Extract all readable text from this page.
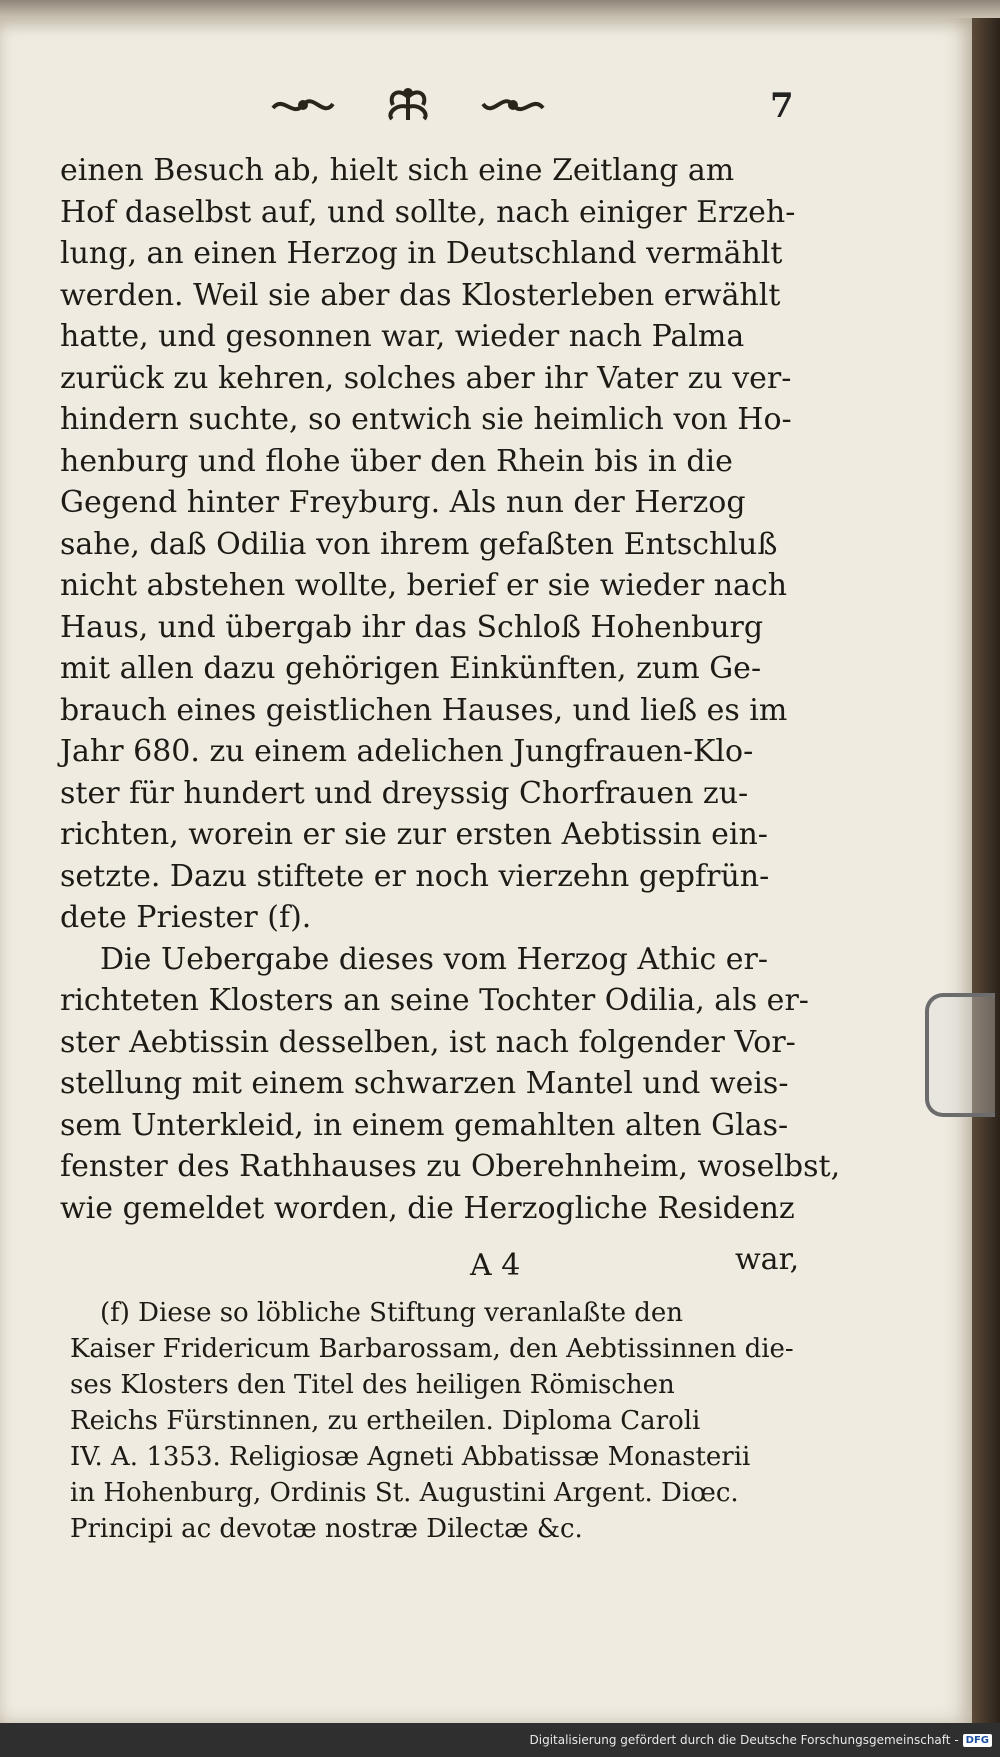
7
einen Besuch ab, hielt sich eine Zeitlang am
Hof daselbst auf, und sollte, nach einiger Erzeh-
lung, an einen Herzog in Deutschland vermählt
werden. Weil sie aber das Klosterleben erwählt
hatte, und gesonnen war, wieder nach Palma
zurück zu kehren, solches aber ihr Vater zu ver-
hindern suchte, so entwich sie heimlich von Ho-
henburg und flohe über den Rhein bis in die
Gegend hinter Freyburg. Als nun der Herzog
sahe, daß Odilia von ihrem gefaßten Entschluß
nicht abstehen wollte, berief er sie wieder nach
Haus, und übergab ihr das Schloß Hohenburg
mit allen dazu gehörigen Einkünften, zum Ge-
brauch eines geistlichen Hauses, und ließ es im
Jahr 680. zu einem adelichen Jungfrauen-Klo-
ster für hundert und dreyssig Chorfrauen zu-
richten, worein er sie zur ersten Aebtissin ein-
setzte. Dazu stiftete er noch vierzehn gepfrün-
dete Priester (f).
Die Uebergabe dieses vom Herzog Athic er-
richteten Klosters an seine Tochter Odilia, als er-
ster Aebtissin desselben, ist nach folgender Vor-
stellung mit einem schwarzen Mantel und weis-
sem Unterkleid, in einem gemahlten alten Glas-
fenster des Rathhauses zu Oberehnheim, woselbst,
wie gemeldet worden, die Herzogliche Residenz
A 4	war,
(f) Diese so löbliche Stiftung veranlaßte den
Kaiser Fridericum Barbarossam, den Aebtissinnen die-
ses Klosters den Titel des heiligen Römischen
Reichs Fürstinnen, zu ertheilen. Diploma Caroli
IV. A. 1353. Religiosæ Agneti Abbatissæ Monasterii
in Hohenburg, Ordinis St. Augustini Argent. Diœc.
Principi ac devotæ nostræ Dilectæ &c.
Digitalisierung gefördert durch die Deutsche Forschungsgemeinschaft - DFG
